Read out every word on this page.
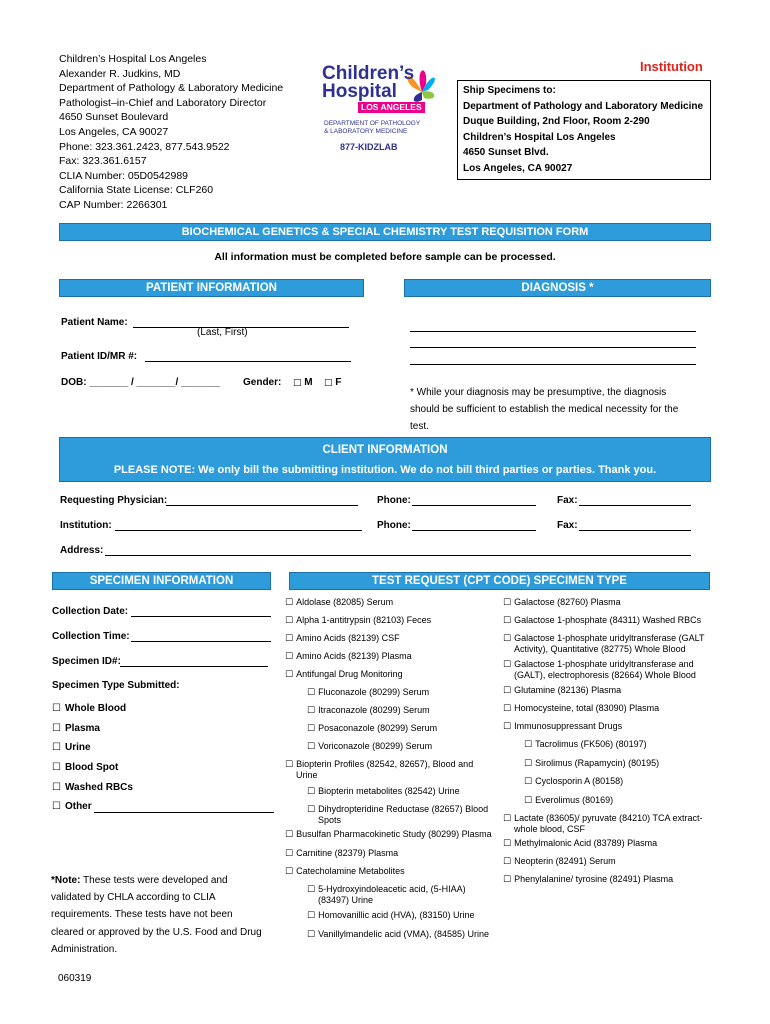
Children’s Hospital Los Angeles
Alexander R. Judkins, MD
Department of Pathology & Laboratory Medicine
Pathologist–in-Chief and Laboratory Director
4650 Sunset Boulevard
Los Angeles, CA 90027
Phone: 323.361.2423, 877.543.9522
Fax: 323.361.6157
CLIA Number: 05D0542989
California State License: CLF260
CAP Number: 2266301
Children’s
Hospital
LOS ANGELES
DEPARTMENT OF PATHOLOGY
& LABORATORY MEDICINE
877-KIDZLAB
Institution
Ship Specimens to:
Department of Pathology and Laboratory Medicine
Duque Building, 2nd Floor, Room 2-290
Children’s Hospital Los Angeles
4650 Sunset Blvd.
Los Angeles, CA 90027
BIOCHEMICAL GENETICS & SPECIAL CHEMISTRY TEST REQUISITION FORM
All information must be completed before sample can be processed.
PATIENT INFORMATION	DIAGNOSIS *
Patient Name:
(Last, First)
Patient ID/MR #:
DOB: _______ / _______/ _______ Gender: □ M □ F
* While your diagnosis may be presumptive, the diagnosis
should be sufficient to establish the medical necessity for the
test.
CLIENT INFORMATION
PLEASE NOTE: We only bill the submitting institution. We do not bill third parties or parties. Thank you.
Requesting Physician:	Phone:	Fax:
Institution:	Phone:	Fax:
Address:
SPECIMEN INFORMATION	TEST REQUEST (CPT CODE) SPECIMEN TYPE
Collection Date:
Collection Time:
Specimen ID#:
Specimen Type Submitted:
☐ Whole Blood
☐ Plasma
☐ Urine
☐ Blood Spot
☐ Washed RBCs
☐ Other
☐ Aldolase (82085) Serum
☐ Alpha 1-antitrypsin (82103) Feces
☐ Amino Acids (82139) CSF
☐ Amino Acids (82139) Plasma
☐ Antifungal Drug Monitoring
☐ Fluconazole (80299) Serum
☐ Itraconazole (80299) Serum
☐ Posaconazole (80299) Serum
☐ Voriconazole (80299) Serum
☐ Biopterin Profiles (82542, 82657), Blood and
Urine
☐ Biopterin metabolites (82542) Urine
☐ Dihydropteridine Reductase (82657) Blood
Spots
☐ Busulfan Pharmacokinetic Study (80299) Plasma
☐ Carnitine (82379) Plasma
☐ Catecholamine Metabolites
☐ 5-Hydroxyindoleacetic acid, (5-HIAA)
(83497) Urine
☐ Homovanillic acid (HVA), (83150) Urine
☐ Vanillylmandelic acid (VMA), (84585) Urine
☐ Galactose (82760) Plasma
☐ Galactose 1-phosphate (84311) Washed RBCs
☐ Galactose 1-phosphate uridyltransferase (GALT
Activity), Quantitative (82775) Whole Blood
☐ Galactose 1-phosphate uridyltransferase and
(GALT), electrophoresis (82664) Whole Blood
☐ Glutamine (82136) Plasma
☐ Homocysteine, total (83090) Plasma
☐ Immunosuppressant Drugs
☐ Tacrolimus (FK506) (80197)
☐ Sirolimus (Rapamycin) (80195)
☐ Cyclosporin A (80158)
☐ Everolimus (80169)
☐ Lactate (83605)/ pyruvate (84210) TCA extract-
whole blood, CSF
☐ Methylmalonic Acid (83789) Plasma
☐ Neopterin (82491) Serum
☐ Phenylalanine/ tyrosine (82491) Plasma
*Note: These tests were developed and
validated by CHLA according to CLIA
requirements. These tests have not been
cleared or approved by the U.S. Food and Drug
Administration.
060319
